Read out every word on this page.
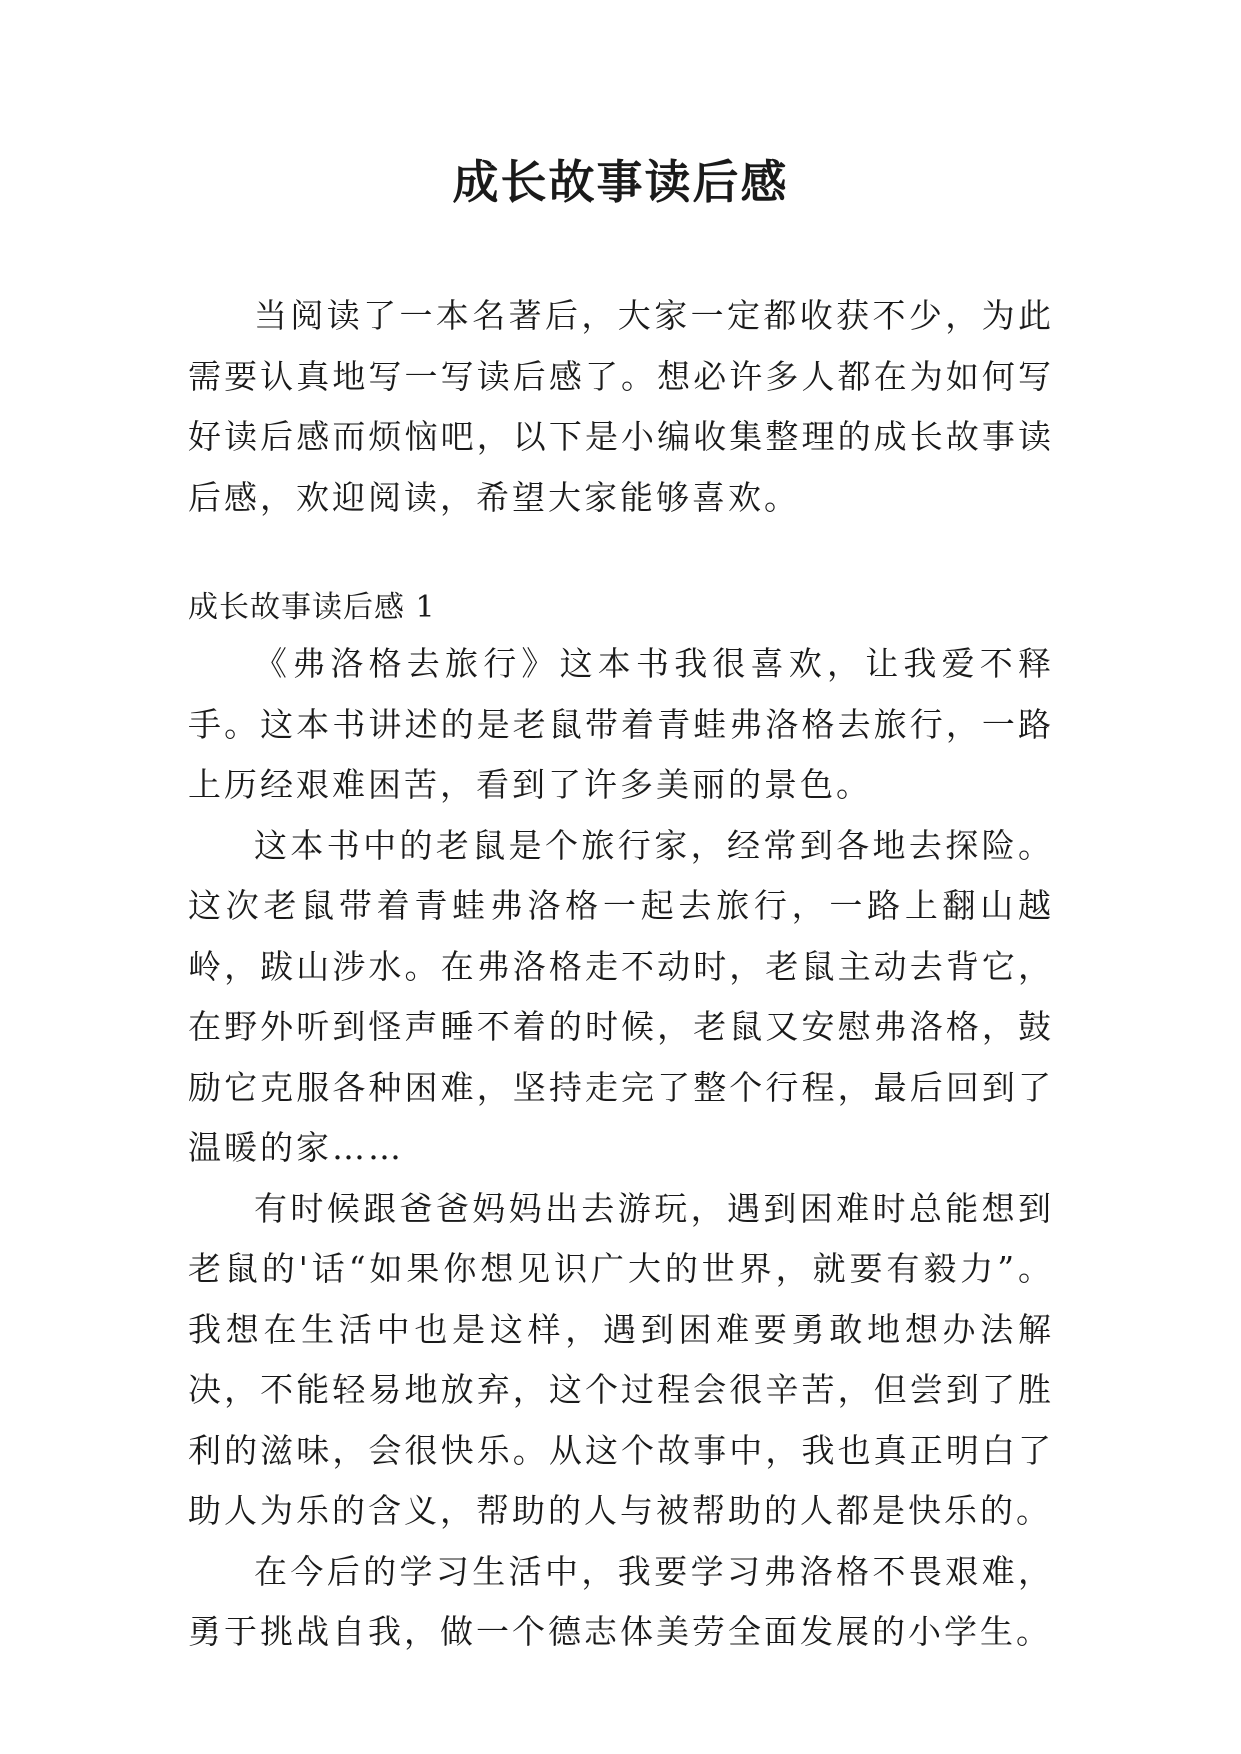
成长故事读后感

当阅读了一本名著后，大家一定都收获不少，为此需要认真地写一写读后感了。想必许多人都在为如何写好读后感而烦恼吧，以下是小编收集整理的成长故事读后感，欢迎阅读，希望大家能够喜欢。

成长故事读后感 1

《弗洛格去旅行》这本书我很喜欢，让我爱不释手。这本书讲述的是老鼠带着青蛙弗洛格去旅行，一路上历经艰难困苦，看到了许多美丽的景色。

这本书中的老鼠是个旅行家，经常到各地去探险。这次老鼠带着青蛙弗洛格一起去旅行，一路上翻山越岭，跋山涉水。在弗洛格走不动时，老鼠主动去背它，在野外听到怪声睡不着的时候，老鼠又安慰弗洛格，鼓励它克服各种困难，坚持走完了整个行程，最后回到了温暖的家……

有时候跟爸爸妈妈出去游玩，遇到困难时总能想到老鼠的'话“如果你想见识广大的世界，就要有毅力”。我想在生活中也是这样，遇到困难要勇敢地想办法解决，不能轻易地放弃，这个过程会很辛苦，但尝到了胜利的滋味，会很快乐。从这个故事中，我也真正明白了助人为乐的含义，帮助的人与被帮助的人都是快乐的。

在今后的学习生活中，我要学习弗洛格不畏艰难，勇于挑战自我，做一个德志体美劳全面发展的小学生。
